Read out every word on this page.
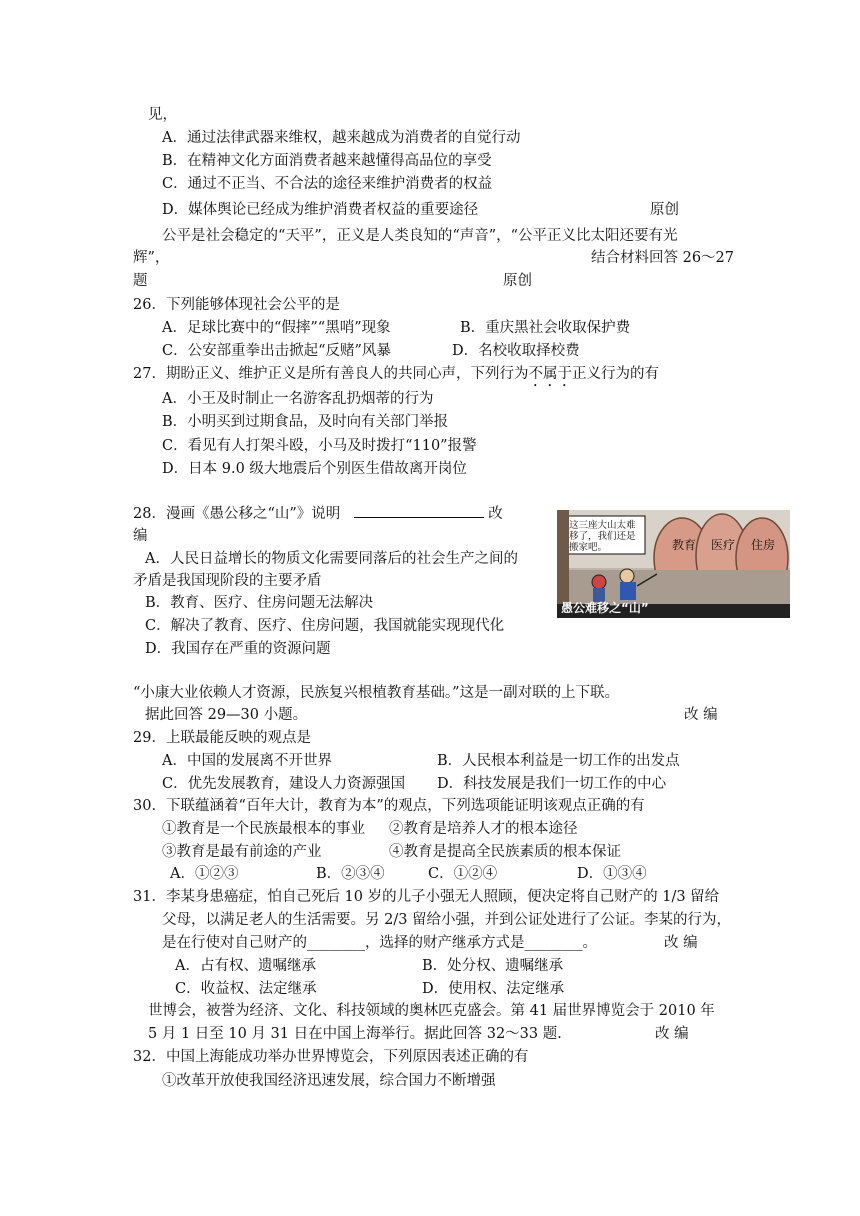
见，
A．通过法律武器来维权，越来越成为消费者的自觉行动
B．在精神文化方面消费者越来越懂得高品位的享受
C．通过不正当、不合法的途径来维护消费者的权益
D．媒体舆论已经成为维护消费者权益的重要途径	原创
公平是社会稳定的“天平”，正义是人类良知的“声音”，“公平正义比太阳还要有光
辉”，	结合材料回答 26～27
题	原创
26．下列能够体现社会公平的是
A．足球比赛中的“假摔”“黑哨”现象	B．重庆黑社会收取保护费
C．公安部重拳出击掀起“反赌”风暴	D．名校收取择校费
27．期盼正义、维护正义是所有善良人的共同心声，下列行为不属于正义行为的有
A．小王及时制止一名游客乱扔烟蒂的行为
B．小明买到过期食品，及时向有关部门举报
C．看见有人打架斗殴，小马及时拨打“110”报警
D．日本 9.0 级大地震后个别医生借故离开岗位
28．漫画《愚公移之“山”》说明	改
编
A．人民日益增长的物质文化需要同落后的社会生产之间的
矛盾是我国现阶段的主要矛盾
B．教育、医疗、住房问题无法解决
C．解决了教育、医疗、住房问题，我国就能实现现代化
D．我国存在严重的资源问题
这三座大山太难移了，我们还是搬家吧。	教育 医疗 住房
愚公难移之“山”
“小康大业依赖人才资源，民族复兴根植教育基础。”这是一副对联的上下联。
据此回答 29—30 小题。	改 编
29．上联最能反映的观点是
A．中国的发展离不开世界	B．人民根本利益是一切工作的出发点
C．优先发展教育，建设人力资源强国 D．科技发展是我们一切工作的中心
30．下联蕴涵着“百年大计，教育为本”的观点，下列选项能证明该观点正确的有
①教育是一个民族最根本的事业 ②教育是培养人才的根本途径
③教育是最有前途的产业	④教育是提高全民族素质的根本保证
A．①②③	B．②③④	C．①②④	D．①③④
31．李某身患癌症，怕自己死后 10 岁的儿子小强无人照顾，便决定将自己财产的 1/3 留给
父母，以满足老人的生活需要。另 2/3 留给小强，并到公证处进行了公证。李某的行为，
是在行使对自己财产的________，选择的财产继承方式是________。	改 编
A．占有权、遗嘱继承	B．处分权、遗嘱继承
C．收益权、法定继承	D．使用权、法定继承
世博会，被誉为经济、文化、科技领域的奥林匹克盛会。第 41 届世界博览会于 2010 年
5 月 1 日至 10 月 31 日在中国上海举行。据此回答 32～33 题.	改 编
32．中国上海能成功举办世界博览会，下列原因表述正确的有
①改革开放使我国经济迅速发展，综合国力不断增强
